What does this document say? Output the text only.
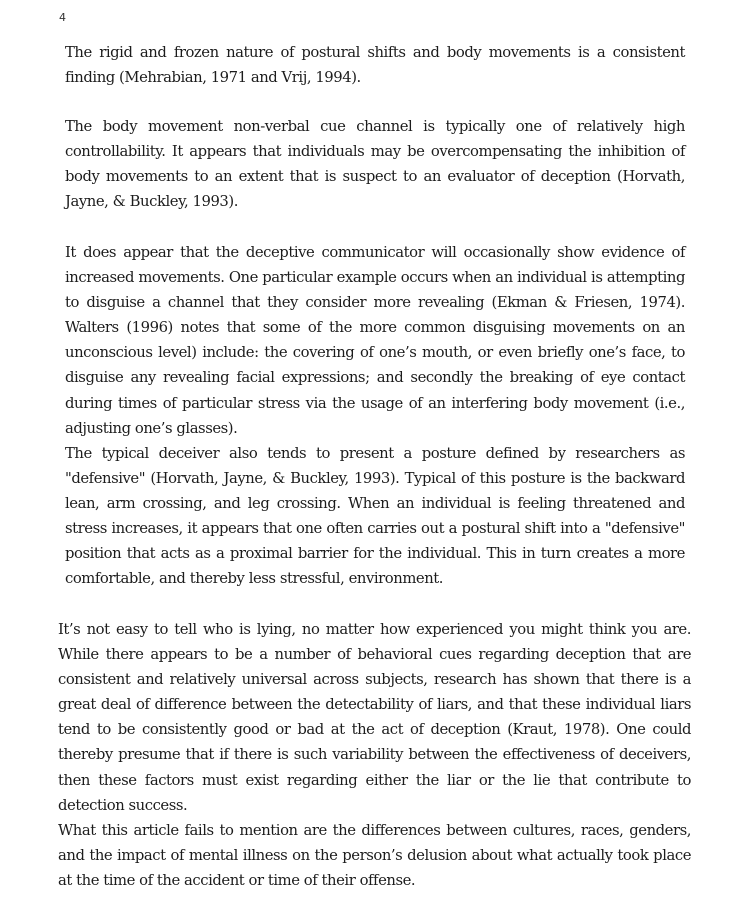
4

The rigid and frozen nature of postural shifts and body movements is a consistent finding (Mehrabian, 1971 and Vrij, 1994).

The body movement non-verbal cue channel is typically one of relatively high controllability. It appears that individuals may be overcompensating the inhibition of body movements to an extent that is suspect to an evaluator of deception (Horvath, Jayne, & Buckley, 1993).

It does appear that the deceptive communicator will occasionally show evidence of increased movements. One particular example occurs when an individual is attempting to disguise a channel that they consider more revealing (Ekman & Friesen, 1974). Walters (1996) notes that some of the more common disguising movements on an unconscious level) include: the covering of one’s mouth, or even briefly one’s face, to disguise any revealing facial expressions; and secondly the breaking of eye contact during times of particular stress via the usage of an interfering body movement (i.e., adjusting one’s glasses).

The typical deceiver also tends to present a posture defined by researchers as "defensive" (Horvath, Jayne, & Buckley, 1993). Typical of this posture is the backward lean, arm crossing, and leg crossing. When an individual is feeling threatened and stress increases, it appears that one often carries out a postural shift into a "defensive" position that acts as a proximal barrier for the individual. This in turn creates a more comfortable, and thereby less stressful, environment.

It’s not easy to tell who is lying, no matter how experienced you might think you are. While there appears to be a number of behavioral cues regarding deception that are consistent and relatively universal across subjects, research has shown that there is a great deal of difference between the detectability of liars, and that these individual liars tend to be consistently good or bad at the act of deception (Kraut, 1978). One could thereby presume that if there is such variability between the effectiveness of deceivers, then these factors must exist regarding either the liar or the lie that contribute to detection success.

What this article fails to mention are the differences between cultures, races, genders, and the impact of mental illness on the person’s delusion about what actually took place at the time of the accident or time of their offense.
